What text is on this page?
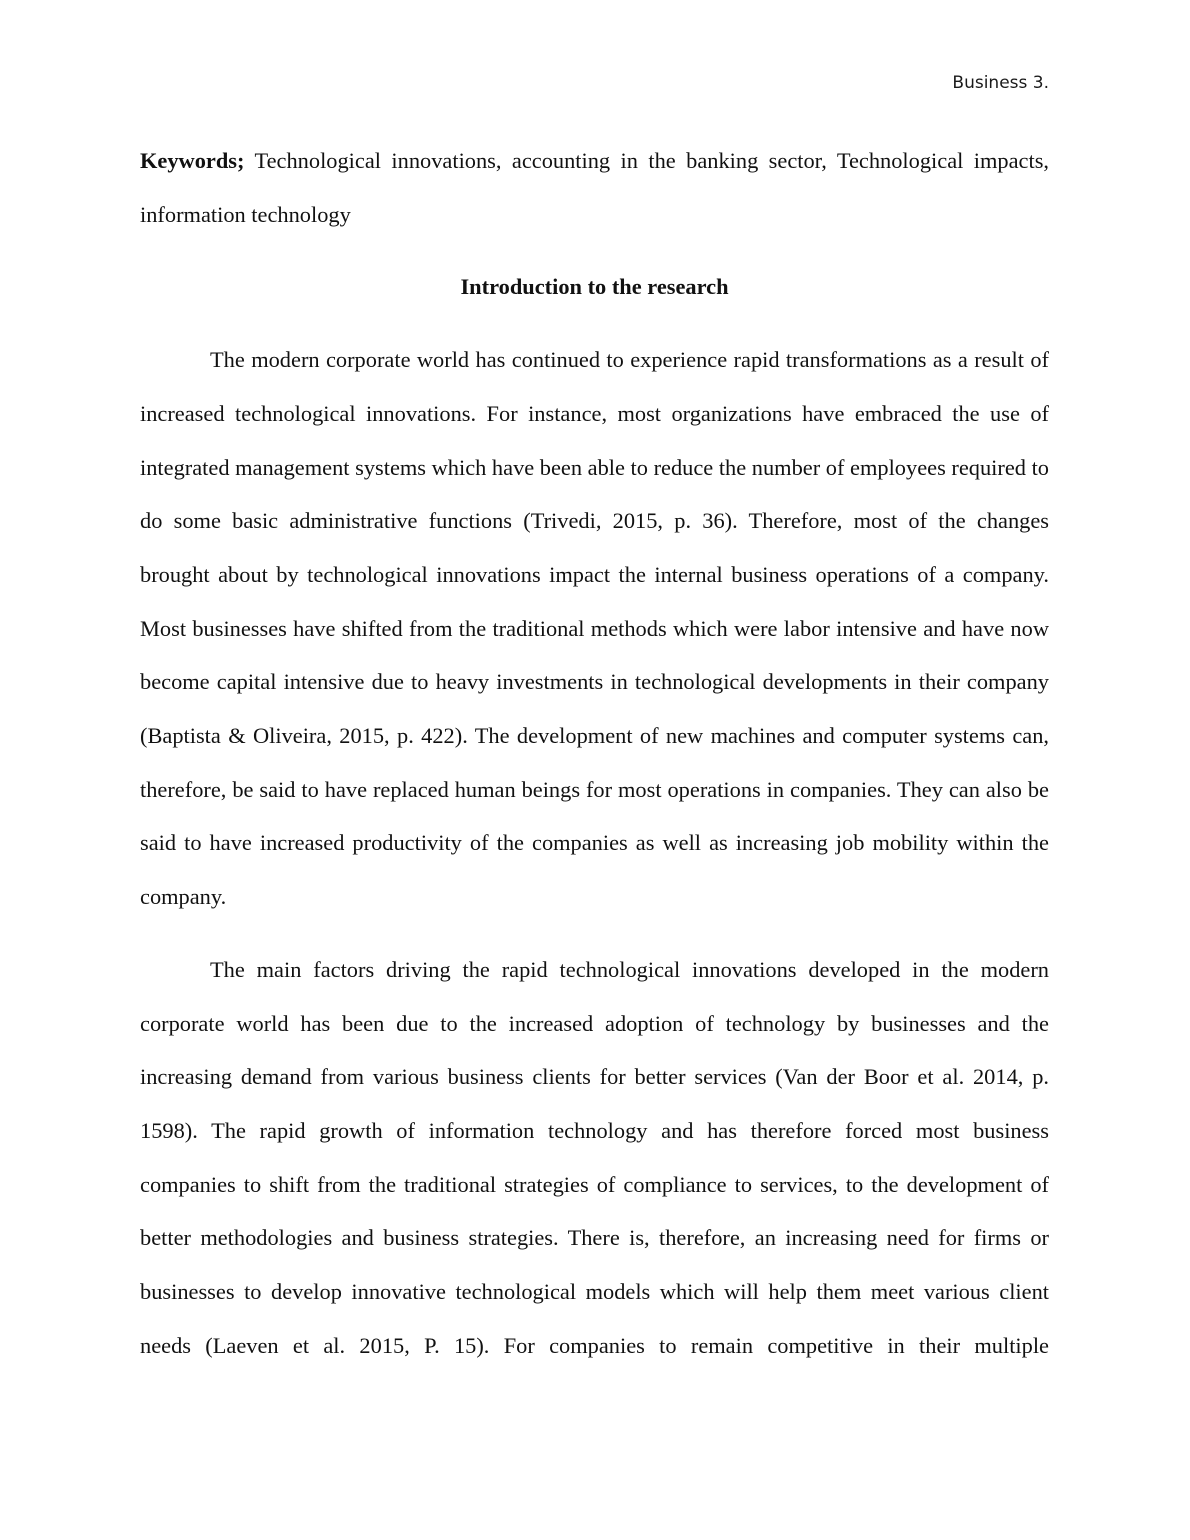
Business 3.

Keywords; Technological innovations, accounting in the banking sector, Technological impacts, information technology

Introduction to the research

The modern corporate world has continued to experience rapid transformations as a result of increased technological innovations. For instance, most organizations have embraced the use of integrated management systems which have been able to reduce the number of employees required to do some basic administrative functions (Trivedi, 2015, p. 36). Therefore, most of the changes brought about by technological innovations impact the internal business operations of a company. Most businesses have shifted from the traditional methods which were labor intensive and have now become capital intensive due to heavy investments in technological developments in their company (Baptista & Oliveira, 2015, p. 422). The development of new machines and computer systems can, therefore, be said to have replaced human beings for most operations in companies. They can also be said to have increased productivity of the companies as well as increasing job mobility within the company.

The main factors driving the rapid technological innovations developed in the modern corporate world has been due to the increased adoption of technology by businesses and the increasing demand from various business clients for better services (Van der Boor et al. 2014, p. 1598). The rapid growth of information technology and has therefore forced most business companies to shift from the traditional strategies of compliance to services, to the development of better methodologies and business strategies. There is, therefore, an increasing need for firms or businesses to develop innovative technological models which will help them meet various client needs (Laeven et al. 2015, P. 15). For companies to remain competitive in their multiple
